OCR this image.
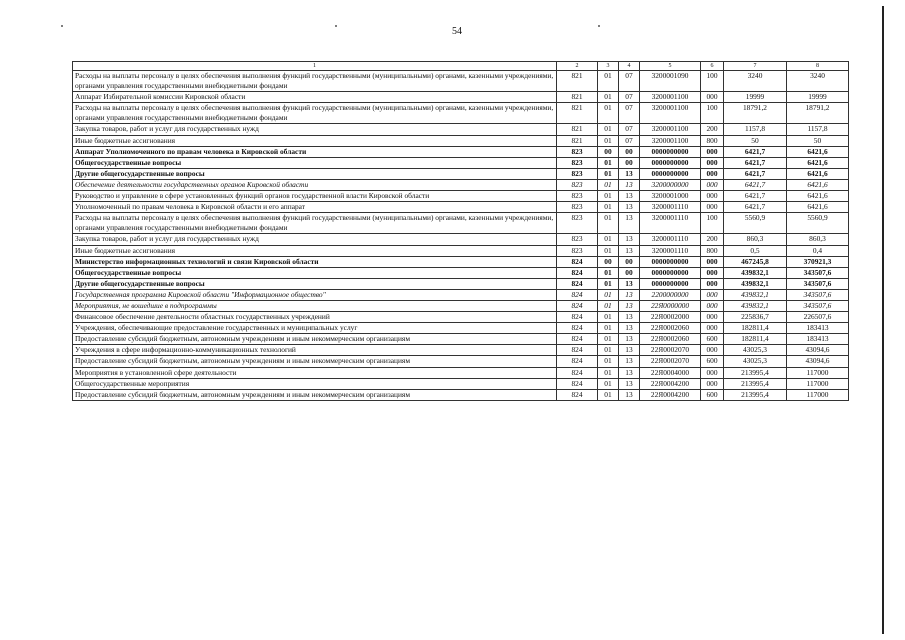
54
1	2	3	4	5	6	7	8
Расходы на выплаты персоналу в целях обеспечения выполнения функций государственными (муниципальными) органами, казенными учреждениями, органами управления государственными внебюджетными фондами	821	01	07	3200001090	100	3240	3240
Аппарат Избирательной комиссии Кировской области	821	01	07	3200001100	000	19999	19999
Расходы на выплаты персоналу в целях обеспечения выполнения функций государственными (муниципальными) органами, казенными учреждениями, органами управления государственными внебюджетными фондами	821	01	07	3200001100	100	18791,2	18791,2
Закупка товаров, работ и услуг для государственных нужд	821	01	07	3200001100	200	1157,8	1157,8
Иные бюджетные ассигнования	821	01	07	3200001100	800	50	50
Аппарат Уполномоченного по правам человека в Кировской области	823	00	00	0000000000	000	6421,7	6421,6
Общегосударственные вопросы	823	01	00	0000000000	000	6421,7	6421,6
Другие общегосударственные вопросы	823	01	13	0000000000	000	6421,7	6421,6
Обеспечение деятельности государственных органов Кировской области	823	01	13	3200000000	000	6421,7	6421,6
Руководство и управление в сфере установленных функций органов государственной власти Кировской области	823	01	13	3200001000	000	6421,7	6421,6
Уполномоченный по правам человека в Кировской области и его аппарат	823	01	13	3200001110	000	6421,7	6421,6
Расходы на выплаты персоналу в целях обеспечения выполнения функций государственными (муниципальными) органами, казенными учреждениями, органами управления государственными внебюджетными фондами	823	01	13	3200001110	100	5560,9	5560,9
Закупка товаров, работ и услуг для государственных нужд	823	01	13	3200001110	200	860,3	860,3
Иные бюджетные ассигнования	823	01	13	3200001110	800	0,5	0,4
Министерство информационных технологий и связи Кировской области	824	00	00	0000000000	000	467245,8	370921,3
Общегосударственные вопросы	824	01	00	0000000000	000	439832,1	343507,6
Другие общегосударственные вопросы	824	01	13	0000000000	000	439832,1	343507,6
Государственная программа Кировской области "Информационное общество"	824	01	13	2200000000	000	439832,1	343507,6
Мероприятия, не вошедшие в подпрограммы	824	01	13	22Я0000000	000	439832,1	343507,6
Финансовое обеспечение деятельности областных государственных учреждений	824	01	13	22Я0002000	000	225836,7	226507,6
Учреждения, обеспечивающие предоставление государственных и муниципальных услуг	824	01	13	22Я0002060	000	182811,4	183413
Предоставление субсидий бюджетным, автономным учреждениям и иным некоммерческим организациям	824	01	13	22Я0002060	600	182811,4	183413
Учреждения в сфере информационно-коммуникационных технологий	824	01	13	22Я0002070	000	43025,3	43094,6
Предоставление субсидий бюджетным, автономным учреждениям и иным некоммерческим организациям	824	01	13	22Я0002070	600	43025,3	43094,6
Мероприятия в установленной сфере деятельности	824	01	13	22Я0004000	000	213995,4	117000
Общегосударственные мероприятия	824	01	13	22Я0004200	000	213995,4	117000
Предоставление субсидий бюджетным, автономным учреждениям и иным некоммерческим организациям	824	01	13	22Я0004200	600	213995,4	117000
